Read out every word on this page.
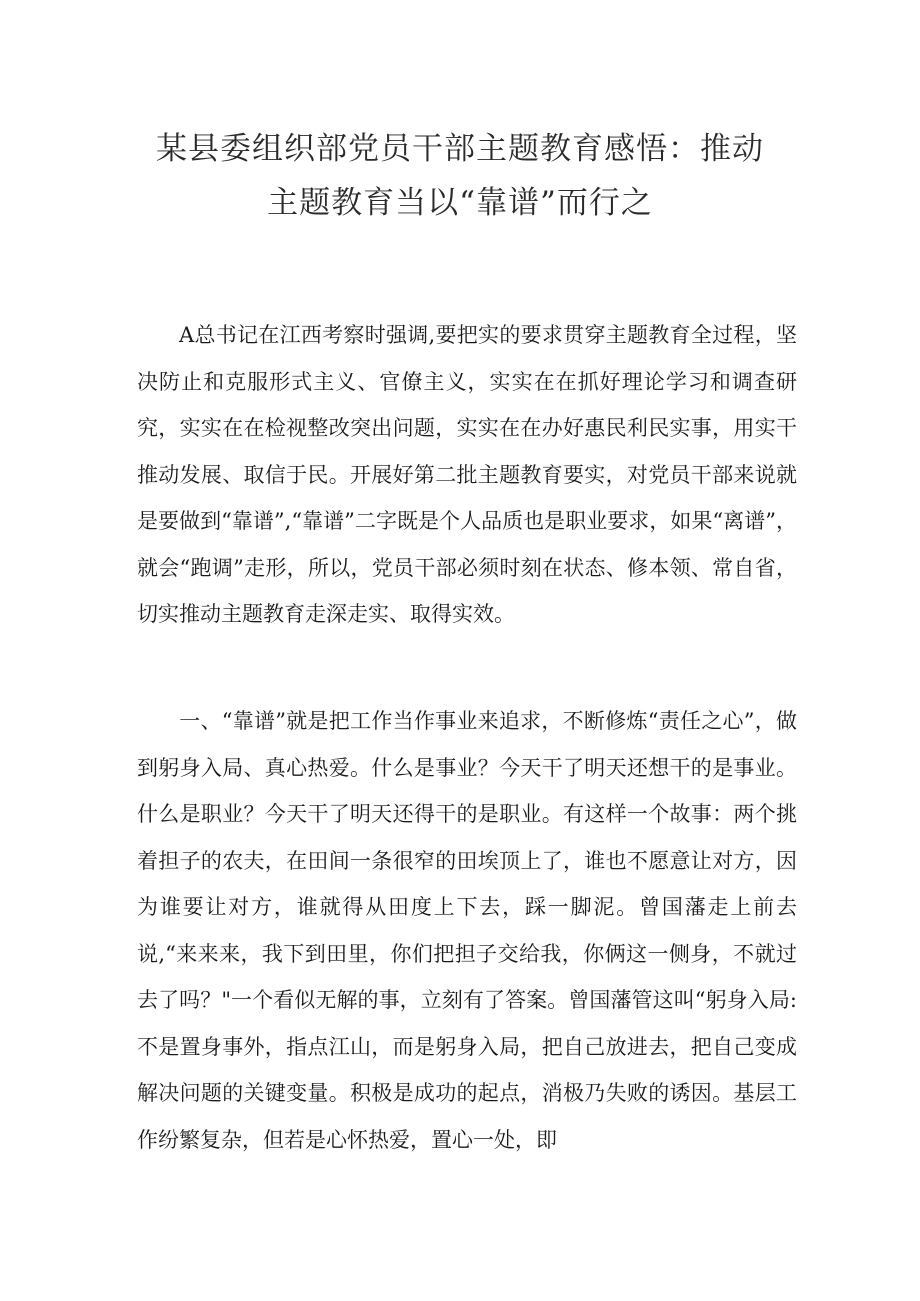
某县委组织部党员干部主题教育感悟：推动
主题教育当以“靠谱”而行之

A总书记在江西考察时强调,要把实的要求贯穿主题教育全过程，坚决防止和克服形式主义、官僚主义，实实在在抓好理论学习和调查研究，实实在在检视整改突出问题，实实在在办好惠民利民实事，用实干推动发展、取信于民。开展好第二批主题教育要实，对党员干部来说就是要做到“靠谱”,“靠谱”二字既是个人品质也是职业要求，如果“离谱”，就会“跑调”走形，所以，党员干部必须时刻在状态、修本领、常自省，切实推动主题教育走深走实、取得实效。

一、“靠谱”就是把工作当作事业来追求，不断修炼“责任之心”，做到躬身入局、真心热爱。什么是事业？今天干了明天还想干的是事业。什么是职业？今天干了明天还得干的是职业。有这样一个故事：两个挑着担子的农夫，在田间一条很窄的田埃顶上了，谁也不愿意让对方，因为谁要让对方，谁就得从田度上下去，踩一脚泥。曾国藩走上前去说,“来来来，我下到田里，你们把担子交给我，你俩这一侧身，不就过去了吗？"一个看似无解的事，立刻有了答案。曾国藩管这叫“躬身入局:不是置身事外，指点江山，而是躬身入局，把自己放进去，把自己变成解决问题的关键变量。积极是成功的起点，消极乃失败的诱因。基层工作纷繁复杂，但若是心怀热爱，置心一处，即
